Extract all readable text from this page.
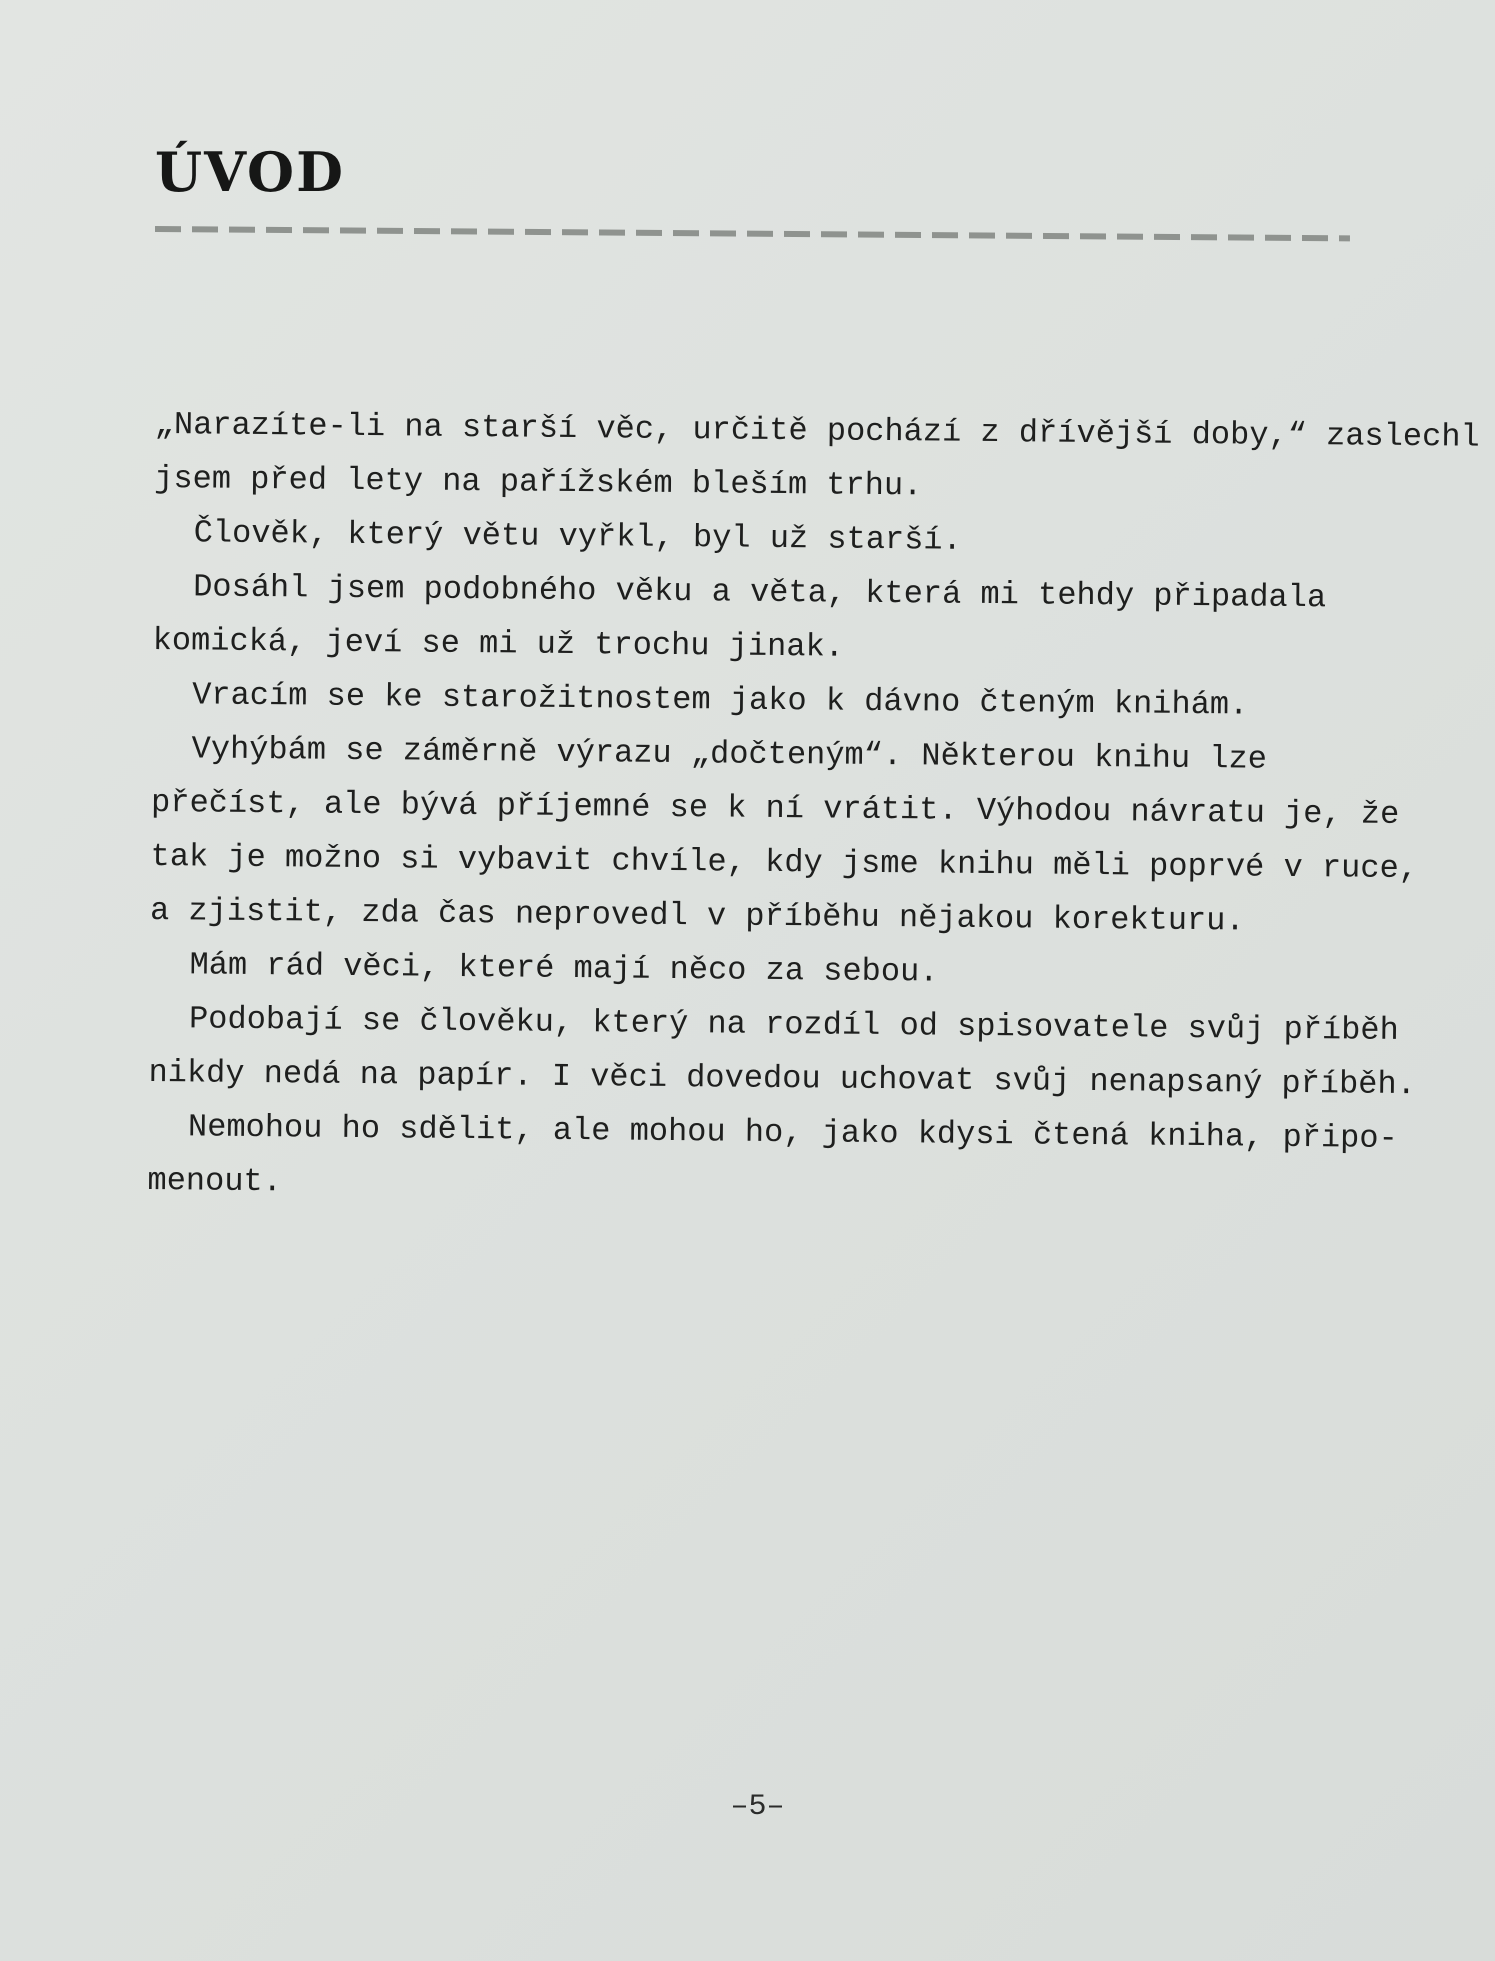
ÚVOD
„Narazíte-li na starší věc, určitě pochází z dřívější doby,“ zaslechl
jsem před lety na pařížském bleším trhu.
Člověk, který větu vyřkl, byl už starší.
Dosáhl jsem podobného věku a věta, která mi tehdy připadala
komická, jeví se mi už trochu jinak.
Vracím se ke starožitnostem jako k dávno čteným knihám.
Vyhýbám se záměrně výrazu „dočteným“. Některou knihu lze
přečíst, ale bývá příjemné se k ní vrátit. Výhodou návratu je, že
tak je možno si vybavit chvíle, kdy jsme knihu měli poprvé v ruce,
a zjistit, zda čas neprovedl v příběhu nějakou korekturu.
Mám rád věci, které mají něco za sebou.
Podobají se člověku, který na rozdíl od spisovatele svůj příběh
nikdy nedá na papír. I věci dovedou uchovat svůj nenapsaný příběh.
Nemohou ho sdělit, ale mohou ho, jako kdysi čtená kniha, připo-
menout.
–5–
